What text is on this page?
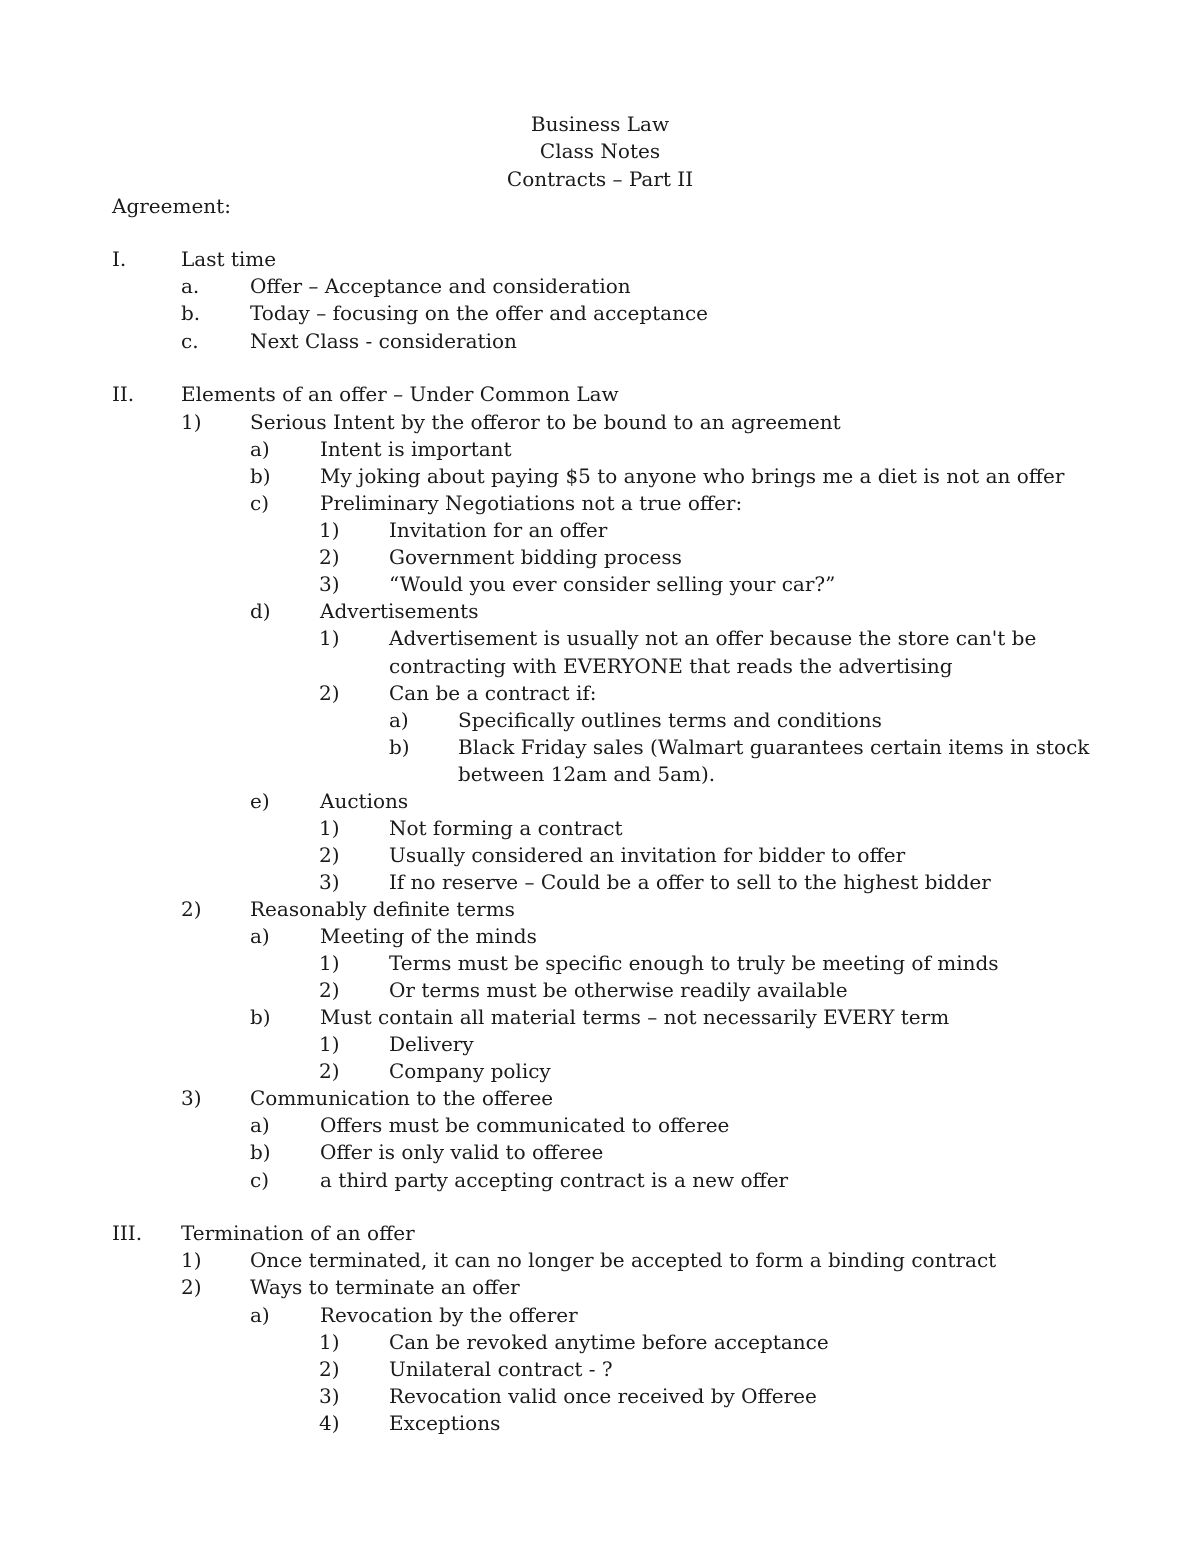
Business Law
Class Notes
Contracts – Part II
Agreement:
I.	Last time
a.	Offer – Acceptance and consideration
b. Today – focusing on the offer and acceptance
c.	Next Class - consideration
II. Elements of an offer – Under Common Law
1) Serious Intent by the offeror to be bound to an agreement
a)	Intent is important
b) My joking about paying $5 to anyone who brings me a diet is not an offer
c)	Preliminary Negotiations not a true offer:
1) Invitation for an offer
2) Government bidding process
3) “Would you ever consider selling your car?”
d) Advertisements
1) Advertisement is usually not an offer because the store can't be
contracting with EVERYONE that reads the advertising
2) Can be a contract if:
a) Specifically outlines terms and conditions
b) Black Friday sales (Walmart guarantees certain items in stock
between 12am and 5am).
e)	Auctions
1) Not forming a contract
2) Usually considered an invitation for bidder to offer
3) If no reserve – Could be a offer to sell to the highest bidder
2) Reasonably definite terms
a)	Meeting of the minds
1) Terms must be specific enough to truly be meeting of minds
2) Or terms must be otherwise readily available
b) Must contain all material terms – not necessarily EVERY term
1) Delivery
2) Company policy
3) Communication to the offeree
a)	Offers must be communicated to offeree
b) Offer is only valid to offeree
c)	a third party accepting contract is a new offer
III. Termination of an offer
1) Once terminated, it can no longer be accepted to form a binding contract
2) Ways to terminate an offer
a)	Revocation by the offerer
1) Can be revoked anytime before acceptance
2) Unilateral contract - ?
3) Revocation valid once received by Offeree
4) Exceptions
